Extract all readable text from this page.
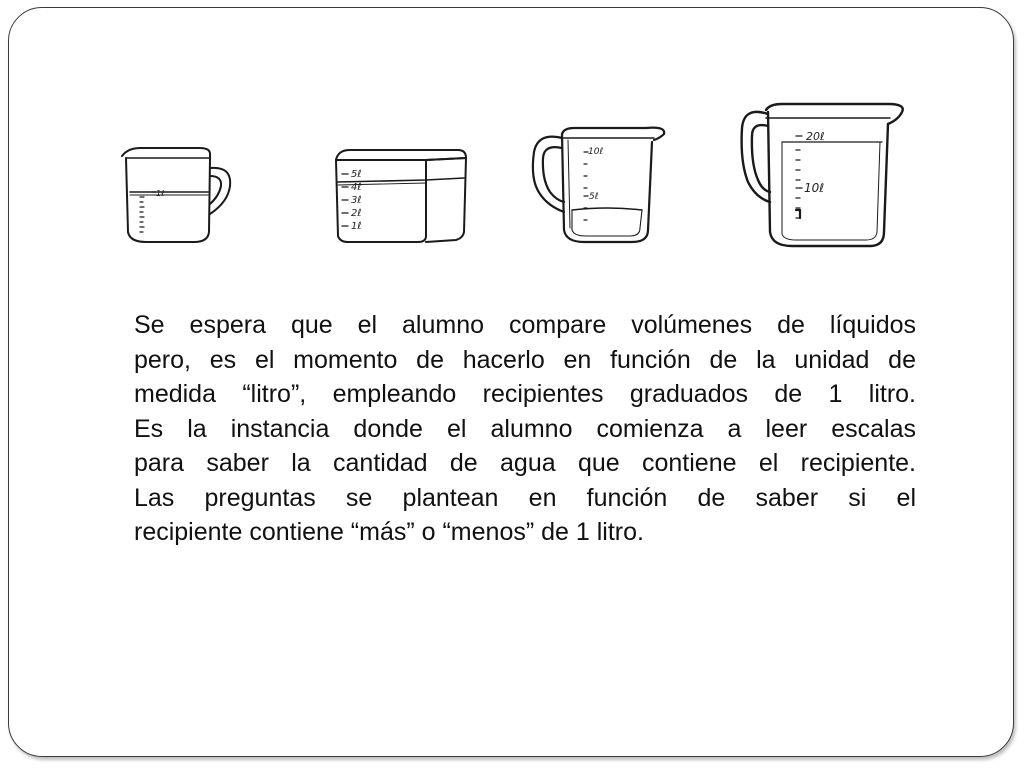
1ℓ
5ℓ
4ℓ
3ℓ
2ℓ
1ℓ
10ℓ
5ℓ
20ℓ
10ℓ

Se espera que el alumno compare volúmenes de líquidos
pero, es el momento de hacerlo en función de la unidad de
medida “litro”, empleando recipientes graduados de 1 litro.
Es la instancia donde el alumno comienza a leer escalas
para saber la cantidad de agua que contiene el recipiente.
Las preguntas se plantean en función de saber si el
recipiente contiene “más” o “menos” de 1 litro.
